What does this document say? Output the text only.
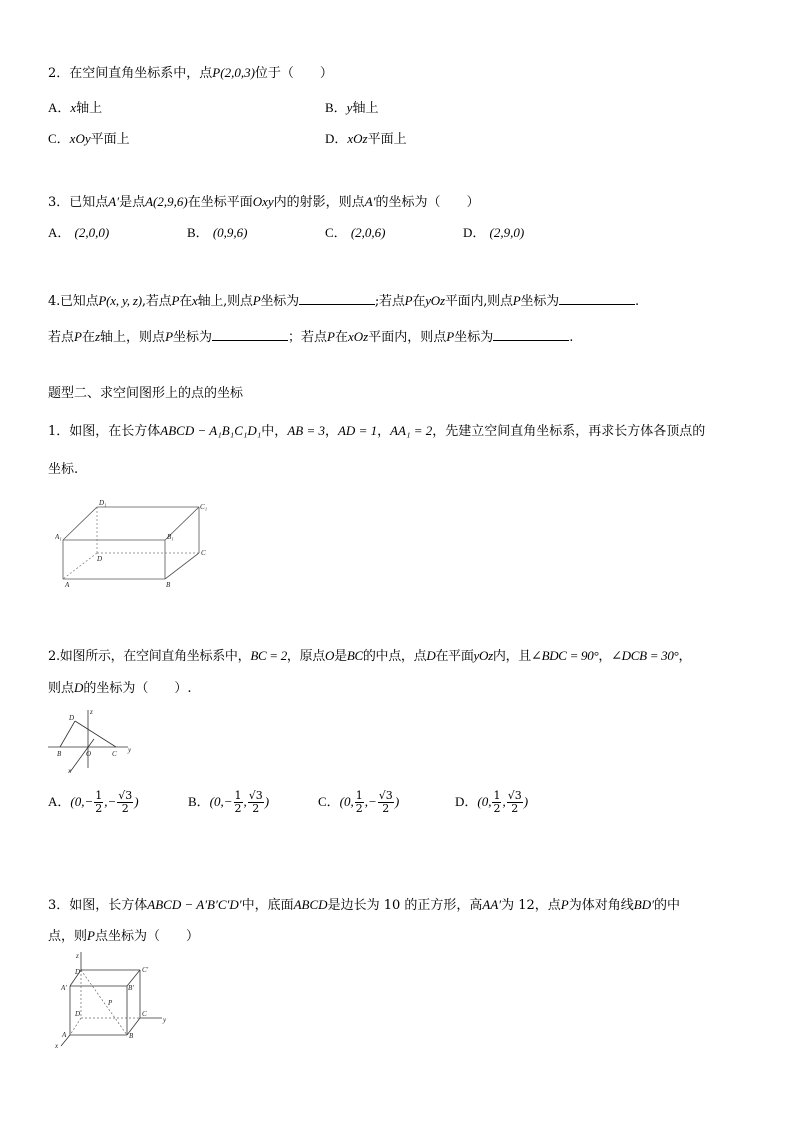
2．在空间直角坐标系中，点P(2,0,3)位于（　　）
A．x轴上	B．y轴上
C．xOy平面上	D．xOz平面上
3．已知点A′是点A(2,9,6)在坐标平面Oxy内的射影，则点A′的坐标为（　　）
A． (2,0,0)	B． (0,9,6)	C． (2,0,6)	D． (2,9,0)
4.已知点P(x, y, z),若点P在x轴上,则点P坐标为	;若点P在yOz平面内,则点P坐标为	.
若点P在z轴上，则点P坐标为	；若点P在xOz平面内，则点P坐标为	.
题型二、求空间图形上的点的坐标
1．如图，在长方体ABCD − A₁B₁C₁D₁中，AB = 3，AD = 1，AA₁ = 2，先建立空间直角坐标系，再求长方体各顶点的
坐标.
D₁	C₁
A₁	B₁
D
C
A	B
2.如图所示，在空间直角坐标系中，BC = 2，原点O是BC的中点，点D在平面yOz内，且∠BDC = 90°，∠DCB = 30°，
则点D的坐标为（　　）.
D
z
B	O	C y
x
A．($0,- \frac{1}{2}$ ,− $\frac{√3}{2}$ )	B．($0,- \frac{1}{2}$ , $\frac{√3}{2}$ )	C．(0, $\frac{1}{2}$ ,− $\frac{√3}{2}$ )	D．(0, $\frac{1}{2}$ , $\frac{√3}{2}$ )
3．如图，长方体ABCD − A′B′C′D′中，底面ABCD是边长为 10 的正方形，高AA′为 12，点P为体对角线BD′的中
点，则P点坐标为（　　）
z
D′	C′
A′	B′
P
D	C
A	B
y
x
